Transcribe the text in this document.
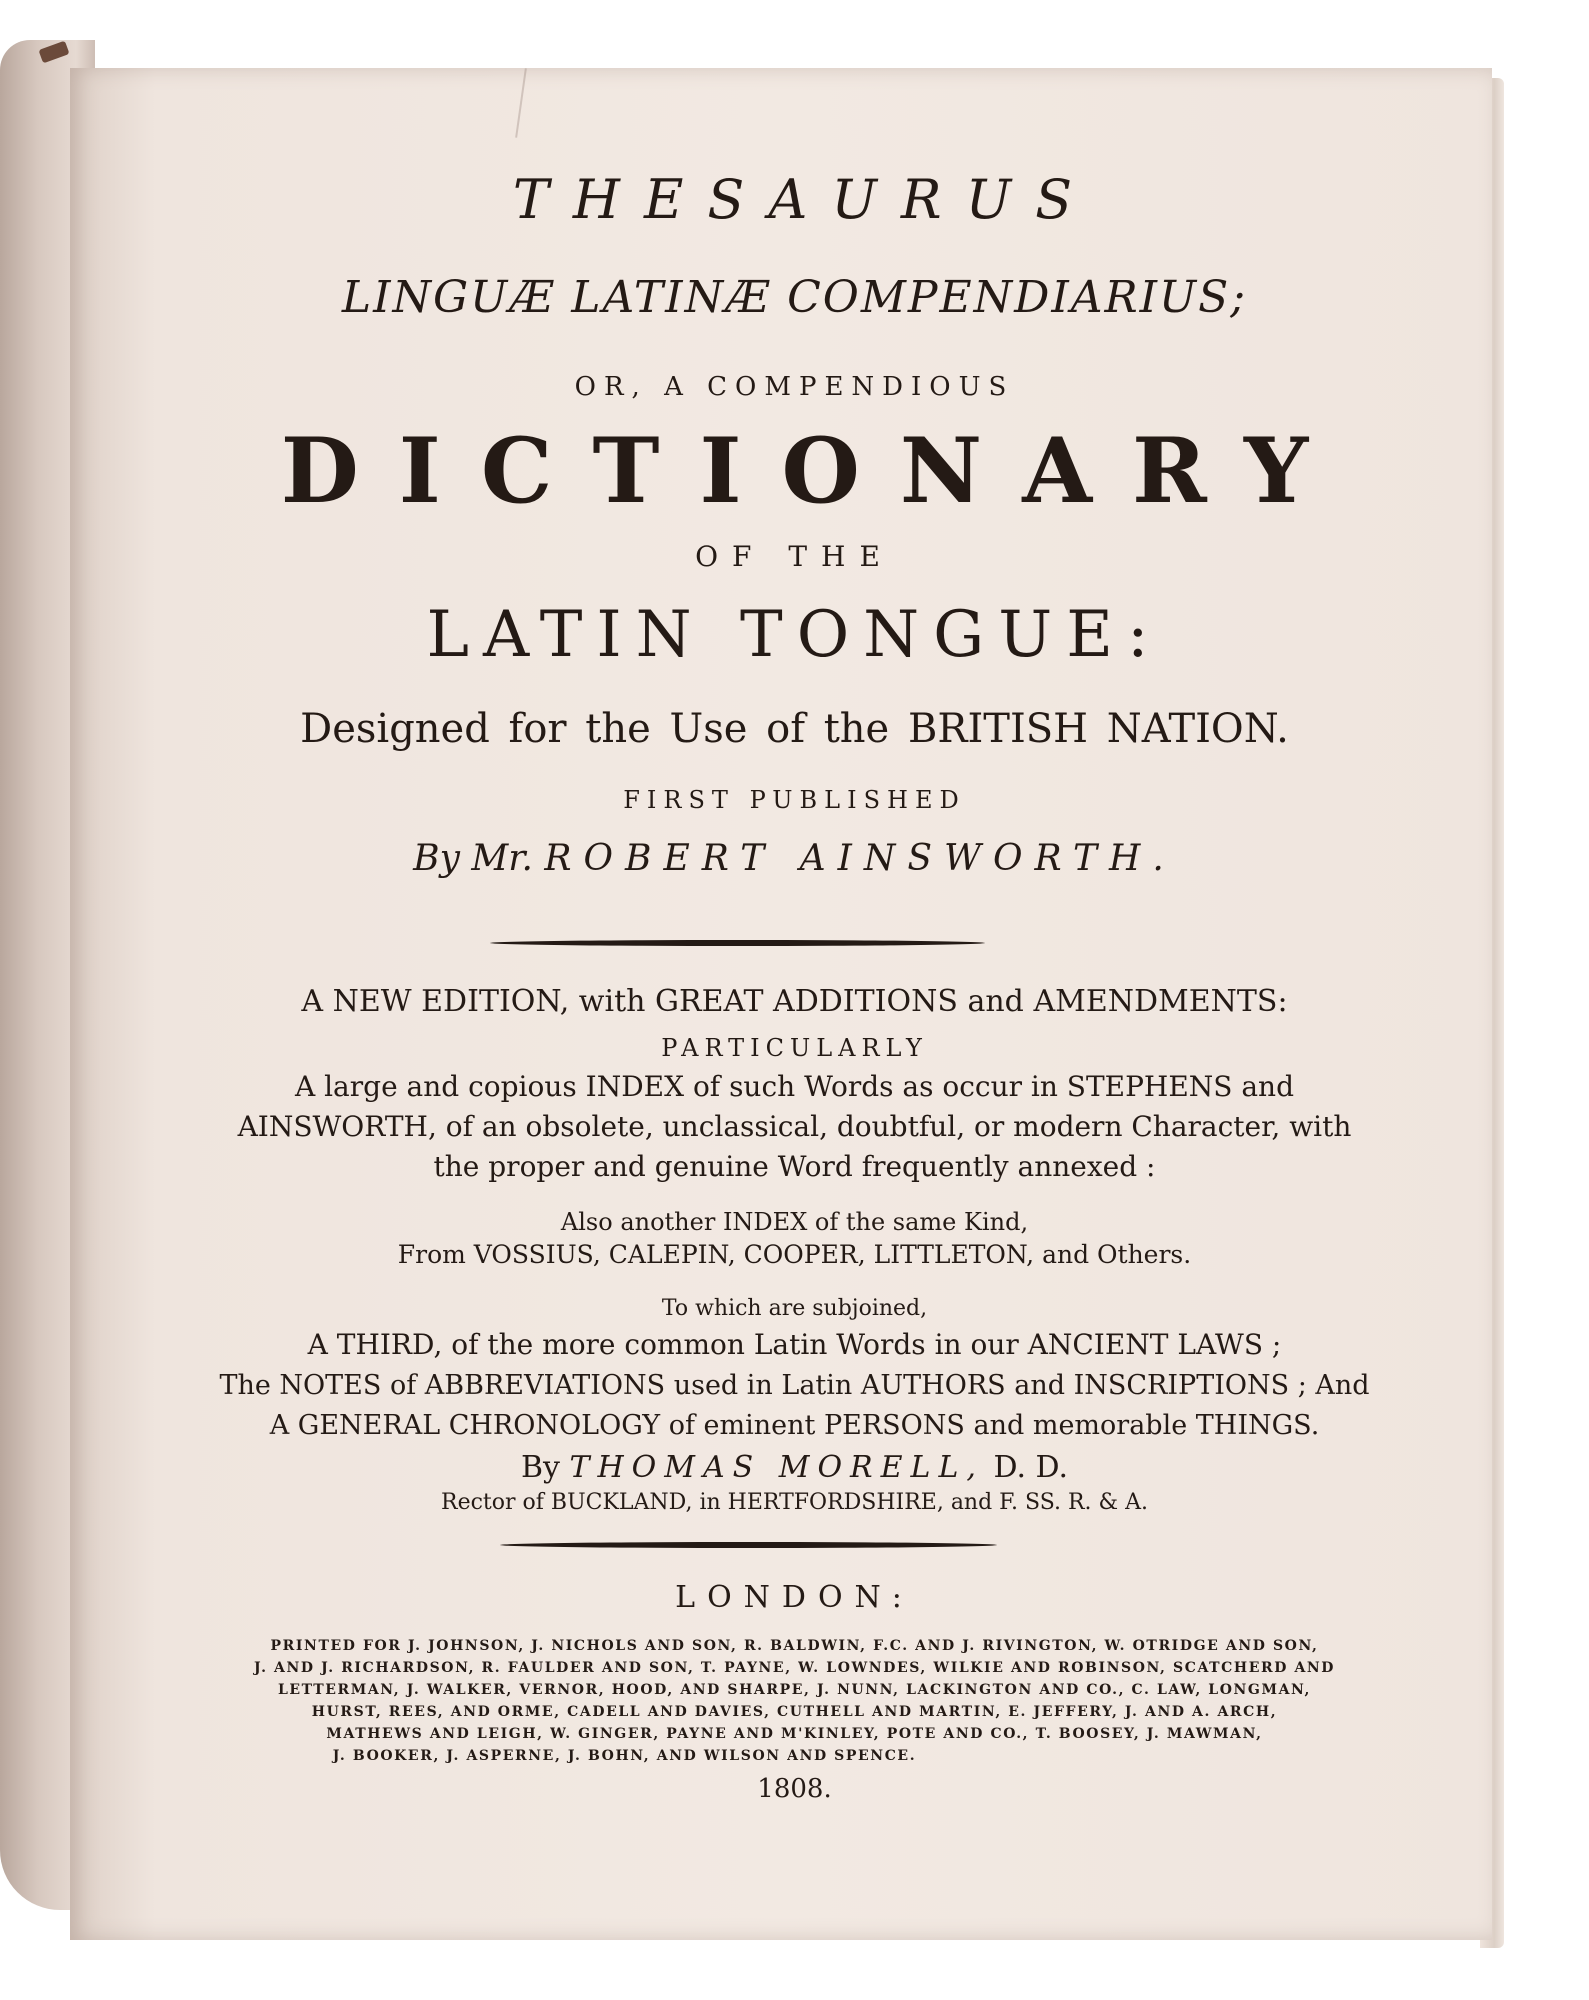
THESAURUS
LINGUÆ LATINÆ COMPENDIARIUS;
OR, A COMPENDIOUS
DICTIONARY
OF THE
LATIN TONGUE:
Designed for the Use of the BRITISH NATION.
FIRST PUBLISHED
By Mr. ROBERT AINSWORTH.
A NEW EDITION, with GREAT ADDITIONS and AMENDMENTS:
PARTICULARLY
A large and copious INDEX of such Words as occur in STEPHENS and
AINSWORTH, of an obsolete, unclassical, doubtful, or modern Character, with
the proper and genuine Word frequently annexed :
Also another INDEX of the same Kind,
From VOSSIUS, CALEPIN, COOPER, LITTLETON, and Others.
To which are subjoined,
A THIRD, of the more common Latin Words in our ANCIENT LAWS ;
The NOTES of ABBREVIATIONS used in Latin AUTHORS and INSCRIPTIONS ; And
A GENERAL CHRONOLOGY of eminent PERSONS and memorable THINGS.
By THOMAS MORELL, D. D.
Rector of BUCKLAND, in HERTFORDSHIRE, and F. SS. R. & A.
LONDON:
PRINTED FOR J. JOHNSON, J. NICHOLS AND SON, R. BALDWIN, F.C. AND J. RIVINGTON, W. OTRIDGE AND SON,
J. AND J. RICHARDSON, R. FAULDER AND SON, T. PAYNE, W. LOWNDES, WILKIE AND ROBINSON, SCATCHERD AND
LETTERMAN, J. WALKER, VERNOR, HOOD, AND SHARPE, J. NUNN, LACKINGTON AND CO., C. LAW, LONGMAN,
HURST, REES, AND ORME, CADELL AND DAVIES, CUTHELL AND MARTIN, E. JEFFERY, J. AND A. ARCH,
MATHEWS AND LEIGH, W. GINGER, PAYNE AND M'KINLEY, POTE AND CO., T. BOOSEY, J. MAWMAN,
J. BOOKER, J. ASPERNE, J. BOHN, AND WILSON AND SPENCE.
1808.
